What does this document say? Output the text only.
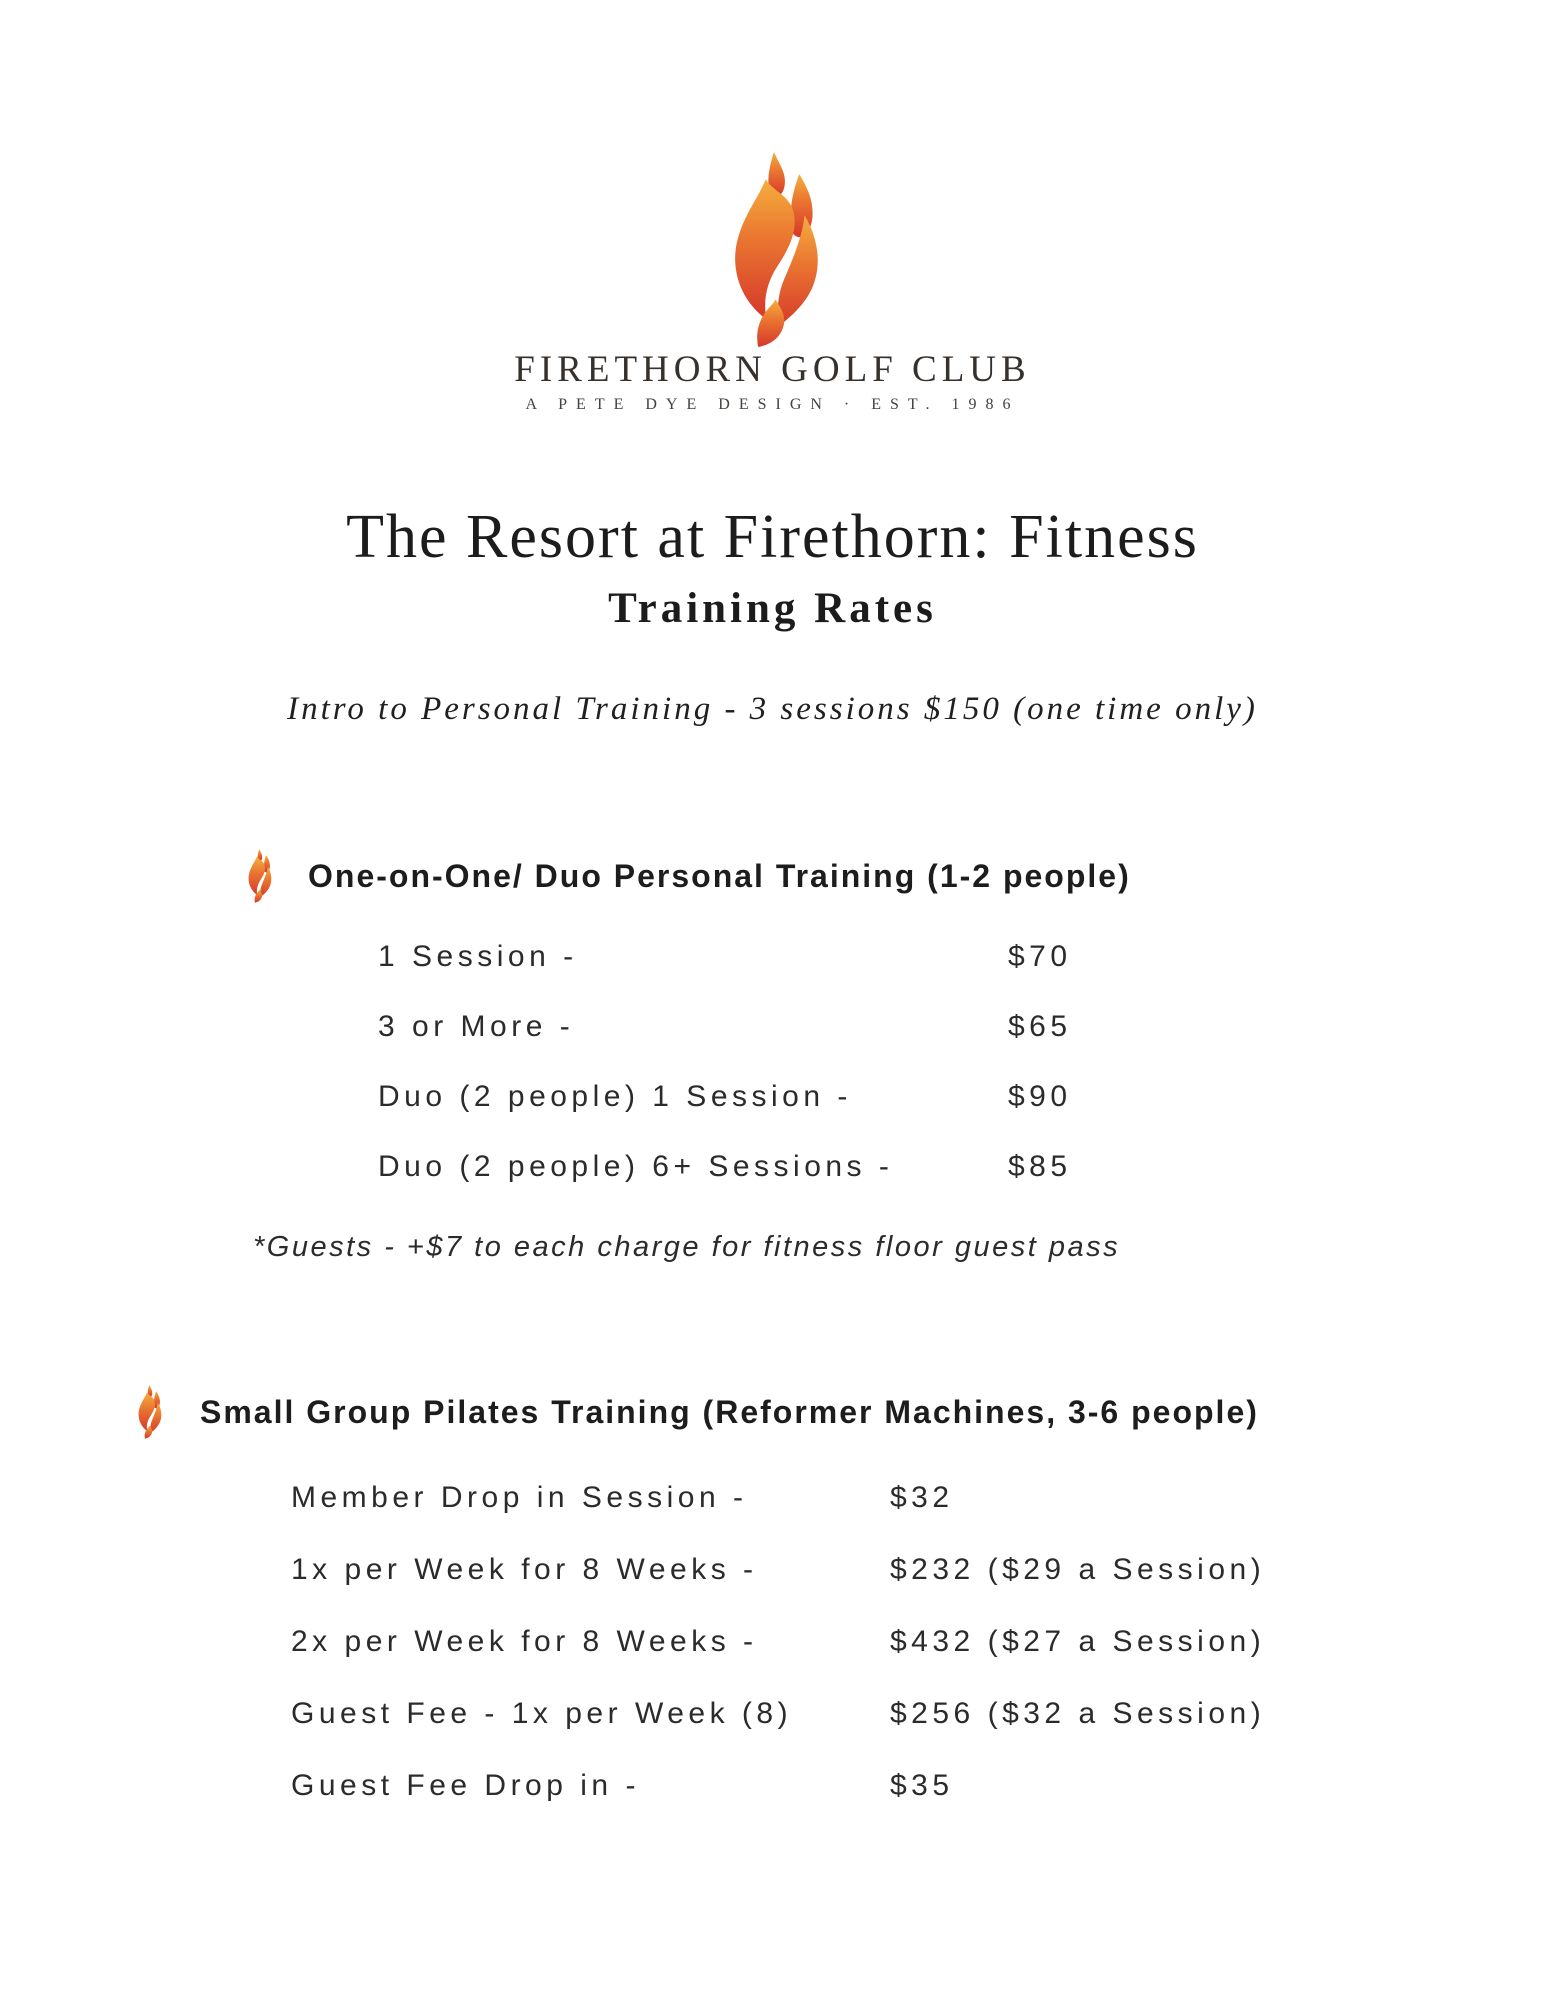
FIRETHORN GOLF CLUB
A PETE DYE DESIGN · EST. 1986
The Resort at Firethorn: Fitness
Training Rates
Intro to Personal Training - 3 sessions $150 (one time only)
One-on-One/ Duo Personal Training (1-2 people)
1 Session -	$70
3 or More -	$65
Duo (2 people) 1 Session -	$90
Duo (2 people) 6+ Sessions -	$85
*Guests - +$7 to each charge for fitness floor guest pass
Small Group Pilates Training (Reformer Machines, 3-6 people)
Member Drop in Session -	$32
1x per Week for 8 Weeks -	$232 ($29 a Session)
2x per Week for 8 Weeks -	$432 ($27 a Session)
Guest Fee - 1x per Week (8)	$256 ($32 a Session)
Guest Fee Drop in -	$35
